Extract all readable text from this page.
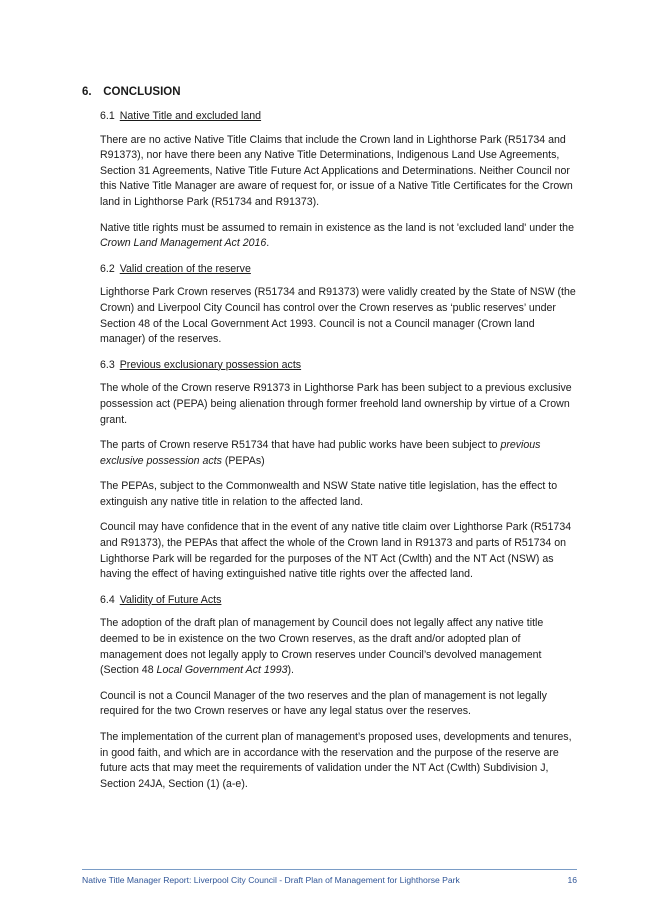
6. CONCLUSION
6.1 Native Title and excluded land

There are no active Native Title Claims that include the Crown land in Lighthorse Park (R51734 and R91373), nor have there been any Native Title Determinations, Indigenous Land Use Agreements, Section 31 Agreements, Native Title Future Act Applications and Determinations. Neither Council nor this Native Title Manager are aware of request for, or issue of a Native Title Certificates for the Crown land in Lighthorse Park (R51734 and R91373).

Native title rights must be assumed to remain in existence as the land is not 'excluded land' under the Crown Land Management Act 2016.

6.2 Valid creation of the reserve

Lighthorse Park Crown reserves (R51734 and R91373) were validly created by the State of NSW (the Crown) and Liverpool City Council has control over the Crown reserves as ‘public reserves’ under Section 48 of the Local Government Act 1993. Council is not a Council manager (Crown land manager) of the reserves.

6.3 Previous exclusionary possession acts

The whole of the Crown reserve R91373 in Lighthorse Park has been subject to a previous exclusive possession act (PEPA) being alienation through former freehold land ownership by virtue of a Crown grant.

The parts of Crown reserve R51734 that have had public works have been subject to previous exclusive possession acts (PEPAs)

The PEPAs, subject to the Commonwealth and NSW State native title legislation, has the effect to extinguish any native title in relation to the affected land.

Council may have confidence that in the event of any native title claim over Lighthorse Park (R51734 and R91373), the PEPAs that affect the whole of the Crown land in R91373 and parts of R51734 on Lighthorse Park will be regarded for the purposes of the NT Act (Cwlth) and the NT Act (NSW) as having the effect of having extinguished native title rights over the affected land.

6.4 Validity of Future Acts

The adoption of the draft plan of management by Council does not legally affect any native title deemed to be in existence on the two Crown reserves, as the draft and/or adopted plan of management does not legally apply to Crown reserves under Council’s devolved management (Section 48 Local Government Act 1993).

Council is not a Council Manager of the two reserves and the plan of management is not legally required for the two Crown reserves or have any legal status over the reserves.

The implementation of the current plan of management’s proposed uses, developments and tenures, in good faith, and which are in accordance with the reservation and the purpose of the reserve are future acts that may meet the requirements of validation under the NT Act (Cwlth) Subdivision J, Section 24JA, Section (1) (a-e).

Native Title Manager Report: Liverpool City Council - Draft Plan of Management for Lighthorse Park	16
